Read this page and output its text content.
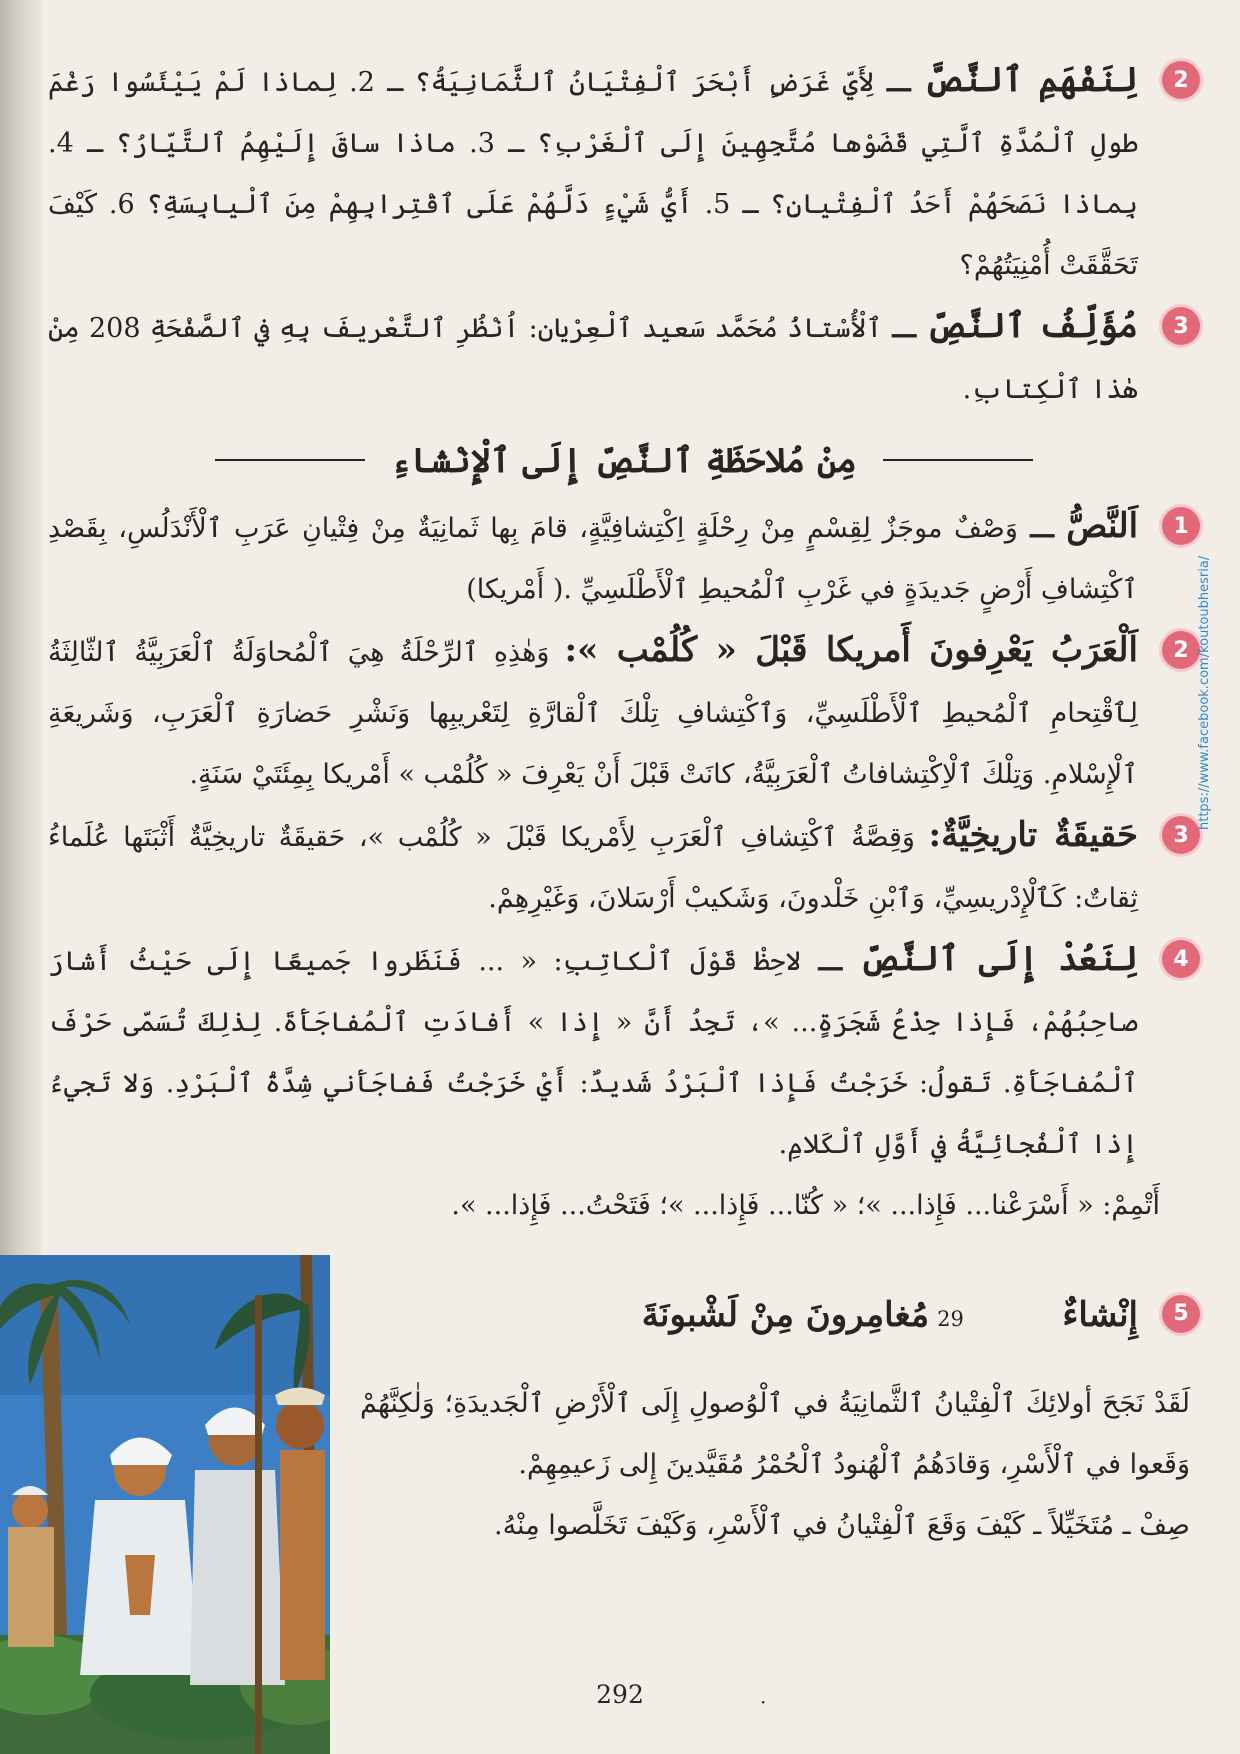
2
لِنَفْهَمِ ٱلنَّصَّ ـــ لِأَيِّ غَرَضٍ أَبْحَرَ ٱلْفِتْيَانُ ٱلثَّمَانِيَةُ؟ ـ 2. لِماذا لَمْ يَيْئَسُوا رَغْمَ طولِ ٱلْمُدَّةِ ٱلَّتِي قَضَوْها مُتَّجِهِينَ إِلَى ٱلْغَرْبِ؟ ـ 3. ماذا ساقَ إِلَيْهِمُ ٱلتَّيّارُ؟ ـ 4. بِماذا نَصَحَهُمْ أَحَدُ ٱلْفِتْيانِ؟ ـ 5. أَيُّ شَيْءٍ دَلَّهُمْ عَلَى ٱقْتِرابِهِمْ مِنَ ٱلْيابِسَةِ؟ 6. كَيْفَ تَحَقَّقَتْ أُمْنِيَتُهُمْ؟
3
مُؤَلِّفُ ٱلنَّصِّ ـــ ٱلْأُسْتاذُ مُحَمَّد سَعيد ٱلْعِرْيان: اُنْظُرِ ٱلتَّعْريفَ بِهِ في ٱلصَّفْحَةِ 208 مِنْ هٰذا ٱلْكِتابِ.
مِنْ مُلاحَظَةِ ٱلنَّصِّ إِلَى ٱلْإِنْشاءِ
1
اَلنَّصُّ ـــ وَصْفٌ موجَزٌ لِقِسْمٍ مِنْ رِحْلَةٍ اِكْتِشافِيَّةٍ، قامَ بِها ثَمانِيَةٌ مِنْ فِتْيانِ عَرَبِ ٱلْأَنْدَلُسِ، بِقَصْدِ ٱكْتِشافِ أَرْضٍ جَديدَةٍ في غَرْبِ ٱلْمُحيطِ ٱلْأَطْلَسِيِّ .( أَمْريكا)
2
اَلْعَرَبُ يَعْرِفونَ أَمريكا قَبْلَ « كُلُمْب »: وَهٰذِهِ ٱلرِّحْلَةُ هِيَ ٱلْمُحاوَلَةُ ٱلْعَرَبِيَّةُ ٱلثّالِثَةُ لِٱقْتِحامِ ٱلْمُحيطِ ٱلْأَطْلَسِيِّ، وَٱكْتِشافِ تِلْكَ ٱلْقارَّةِ لِتَعْريبِها وَنَشْرِ حَضارَةِ ٱلْعَرَبِ، وَشَريعَةِ ٱلْإِسْلامِ. وَتِلْكَ ٱلْاِكْتِشافاتُ ٱلْعَرَبِيَّةُ، كانَتْ قَبْلَ أَنْ يَعْرِفَ « كُلُمْب » أَمْريكا بِمِئَتَيْ سَنَةٍ.
3
حَقيقَةٌ تاريخِيَّةٌ: وَقِصَّةُ ٱكْتِشافِ ٱلْعَرَبِ لِأَمْريكا قَبْلَ « كُلُمْب »، حَقيقَةٌ تاريخِيَّةٌ أَثْبَتَها عُلَماءُ ثِقاتٌ: كَٱلْإِدْريسِيِّ، وَٱبْنِ خَلْدونَ، وَشَكيبْ أَرْسَلانَ، وَغَيْرِهِمْ.
4
لِنَعُدْ إِلَى ٱلنَّصِّ ـــ لاحِظْ قَوْلَ ٱلْكاتِبِ: « ... فَنَظَروا جَميعًا إِلَى حَيْثُ أَشارَ صاحِبُهُمْ، فَإِذا جِذْعُ شَجَرَةٍ... »، تَجِدُ أَنَّ « إِذا » أَفادَتِ ٱلْمُفاجَأَةَ. لِذٰلِكَ تُسَمّى حَرْفَ ٱلْمُفاجَأَةِ. تَقولُ: خَرَجْتُ فَإِذا ٱلْبَرْدُ شَديدٌ: أَيْ خَرَجْتُ فَفاجَأَني شِدَّةُ ٱلْبَرْدِ. وَلا تَجيءُ إِذا ٱلْفُجائِيَّةُ في أَوَّلِ ٱلْكَلامِ.
أَتْمِمْ: « أَسْرَعْنا... فَإِذا... »؛ « كُنّا... فَإِذا... »؛ فَتَحْتُ... فَإِذا... ».
5
إِنْشاءٌ 29مُغامِرونَ مِنْ لَشْبونَةَ
لَقَدْ نَجَحَ أولائِكَ ٱلْفِتْيانُ ٱلثَّمانِيَةُ في ٱلْوُصولِ إِلَى ٱلْأَرْضِ ٱلْجَديدَةِ؛ وَلٰكِنَّهُمْ وَقَعوا في ٱلْأَسْرِ، وَقادَهُمُ ٱلْهُنودُ ٱلْحُمْرُ مُقَيَّدينَ إِلى زَعيمِهِمْ.
صِفْ ـ مُتَخَيِّلاً ـ كَيْفَ وَقَعَ ٱلْفِتْيانُ في ٱلْأَسْرِ، وَكَيْفَ تَخَلَّصوا مِنْهُ.
https://www.facebook.com/koutoubhesria/
292	·
